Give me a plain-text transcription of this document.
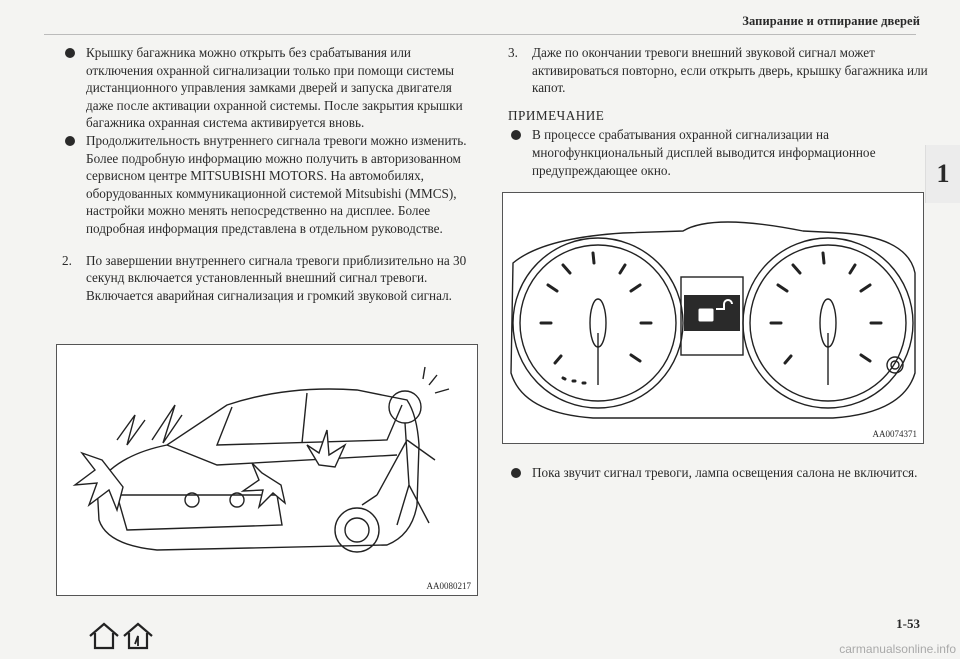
Запирание и отпирание дверей
1

Крышку багажника можно открыть без срабатывания или отключения охранной сигнализации только при помощи системы дистанционного управления замками дверей и запуска двигателя даже после активации охранной системы. После закрытия крышки багажника охранная система активируется вновь.

Продолжительность внутреннего сигнала тревоги можно изменить. Более подробную информацию можно получить в авторизованном сервисном центре MITSUBISHI MOTORS. На автомобилях, оборудованных коммуникационной системой Mitsubishi (MMCS), настройки можно менять непосредственно на дисплее. Более подробная информация представлена в отдельном руководстве.

2. По завершении внутреннего сигнала тревоги приблизительно на 30 секунд включается установленный внешний сигнал тревоги. Включается аварийная сигнализация и громкий звуковой сигнал.

AA0080217

3. Даже по окончании тревоги внешний звуковой сигнал может активироваться повторно, если открыть дверь, крышку багажника или капот.

ПРИМЕЧАНИЕ

В процессе срабатывания охранной сигнализации на многофункциональный дисплей выводится информационное предупреждающее окно.

AA0074371

Пока звучит сигнал тревоги, лампа освещения салона не включится.

1-53
carmanualsonline.info
